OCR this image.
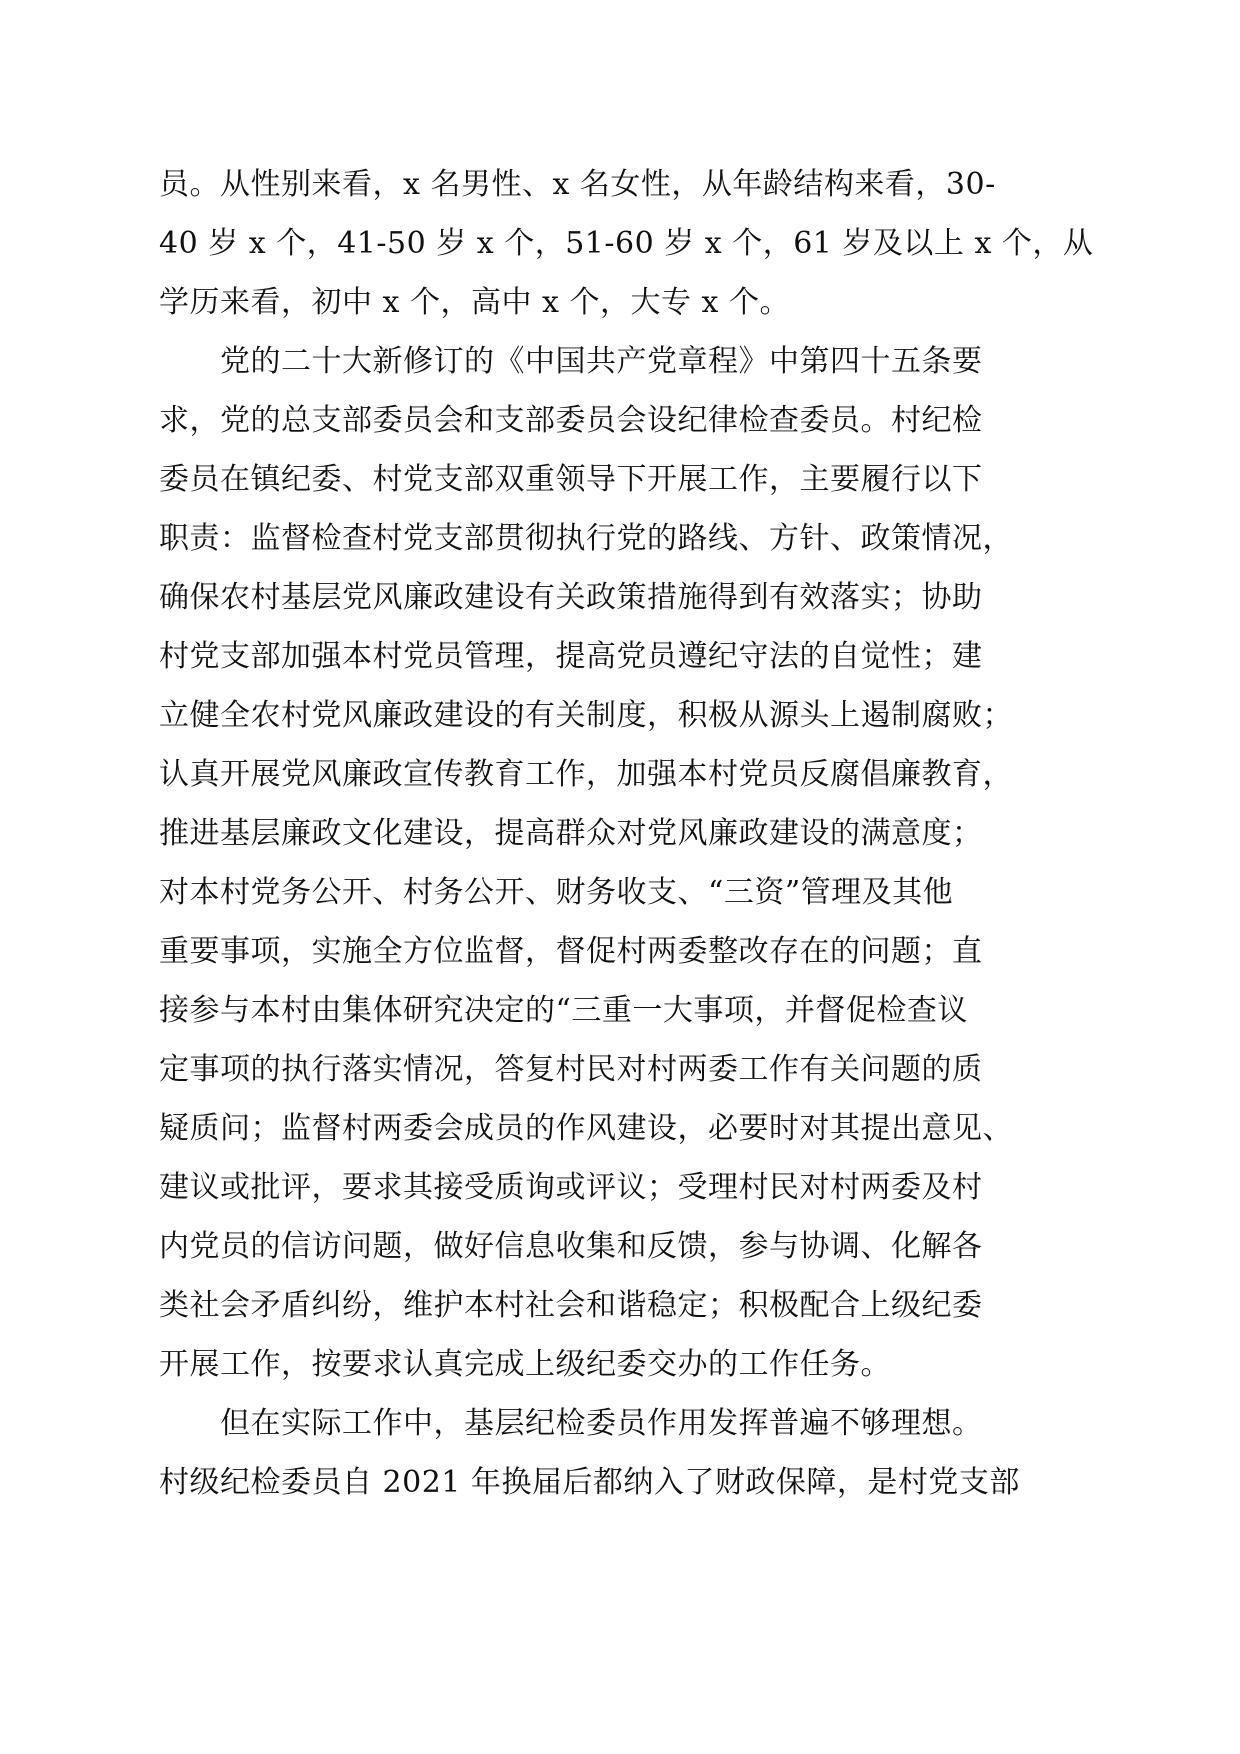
员。从性别来看，x 名男性、x 名女性，从年龄结构来看，30-
40 岁 x 个，41-50 岁 x 个，51-60 岁 x 个，61 岁及以上 x 个，从
学历来看，初中 x 个，高中 x 个，大专 x 个。
　　党的二十大新修订的《中国共产党章程》中第四十五条要
求，党的总支部委员会和支部委员会设纪律检查委员。村纪检
委员在镇纪委、村党支部双重领导下开展工作，主要履行以下
职责：监督检查村党支部贯彻执行党的路线、方针、政策情况，
确保农村基层党风廉政建设有关政策措施得到有效落实；协助
村党支部加强本村党员管理，提高党员遵纪守法的自觉性；建
立健全农村党风廉政建设的有关制度，积极从源头上遏制腐败；
认真开展党风廉政宣传教育工作，加强本村党员反腐倡廉教育，
推进基层廉政文化建设，提高群众对党风廉政建设的满意度；
对本村党务公开、村务公开、财务收支、“三资”管理及其他
重要事项，实施全方位监督，督促村两委整改存在的问题；直
接参与本村由集体研究决定的“三重一大事项，并督促检查议
定事项的执行落实情况，答复村民对村两委工作有关问题的质
疑质问；监督村两委会成员的作风建设，必要时对其提出意见、
建议或批评，要求其接受质询或评议；受理村民对村两委及村
内党员的信访问题，做好信息收集和反馈，参与协调、化解各
类社会矛盾纠纷，维护本村社会和谐稳定；积极配合上级纪委
开展工作，按要求认真完成上级纪委交办的工作任务。
　　但在实际工作中，基层纪检委员作用发挥普遍不够理想。
村级纪检委员自 2021 年换届后都纳入了财政保障，是村党支部
